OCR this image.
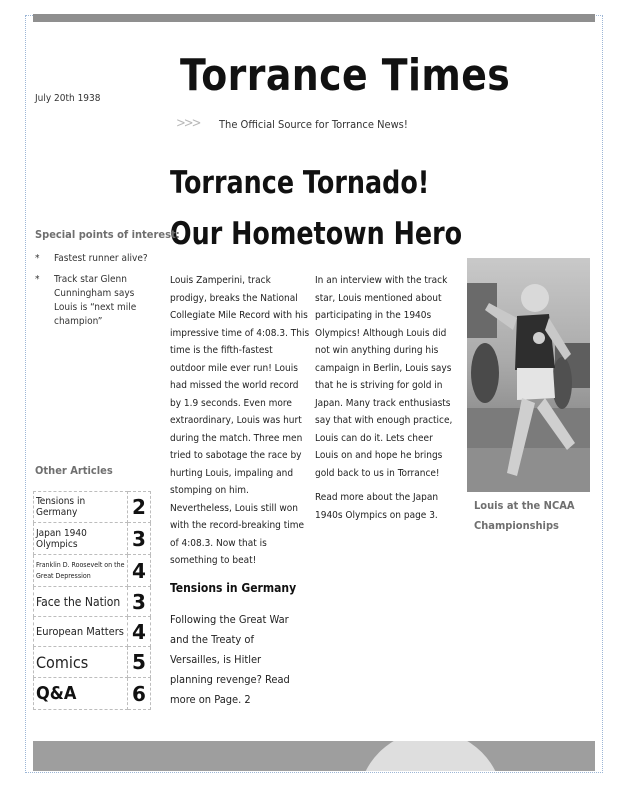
July 20th 1938 Torrance Times
>>> The Official Source for Torrance News!
Torrance Tornado!
Our Hometown Hero
Special points of interest:
* Fastest runner alive?
* Track star Glenn Cunningham says Louis is “next mile champion”
Other Articles
Tensions in Germany	2
Japan 1940 Olympics	3
Franklin D. Roosevelt on the Great Depression	4
Face the Nation	3
European Matters	4
Comics	5
Q&A	6

Louis Zamperini, track prodigy, breaks the National Collegiate Mile Record with his impressive time of 4:08.3. This time is the fifth-fastest outdoor mile ever run! Louis had missed the world record by 1.9 seconds. Even more extraordinary, Louis was hurt during the match. Three men tried to sabotage the race by hurting Louis, impaling and stomping on him. Nevertheless, Louis still won with the record-breaking time of 4:08.3. Now that is something to beat!

In an interview with the track star, Louis mentioned about participating in the 1940s Olympics! Although Louis did not win anything during his campaign in Berlin, Louis says that he is striving for gold in Japan. Many track enthusiasts say that with enough practice, Louis can do it. Lets cheer Louis on and hope he brings gold back to us in Torrance!

Read more about the Japan 1940s Olympics on page 3.

Louis at the NCAA Championships
Tensions in Germany
Following the Great War and the Treaty of Versailles, is Hitler planning revenge? Read more on Page. 2
